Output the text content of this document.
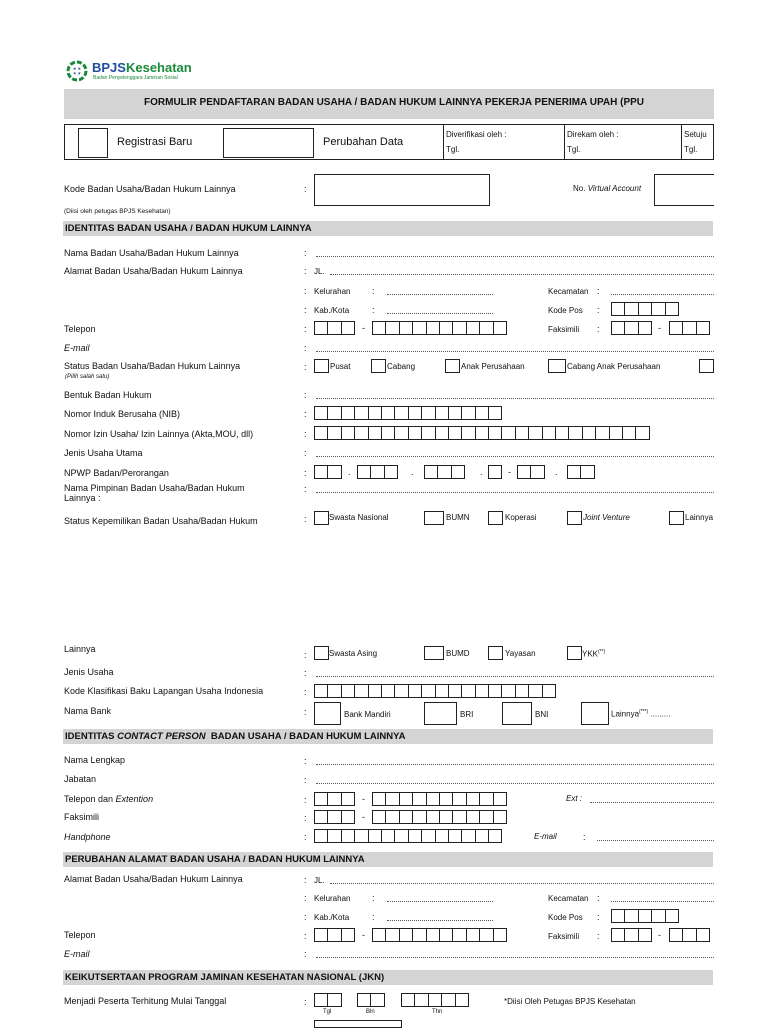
BPJSKesehatan
Badan Penyelenggara Jaminan Sosial
FORMULIR PENDAFTARAN BADAN USAHA / BADAN HUKUM LAINNYA PEKERJA PENERIMA UPAH (PPU
Registrasi Baru	Perubahan Data
Diverifikasi oleh :
Tgl.
Direkam oleh :
Tgl.
Setuju
Tgl.
Kode Badan Usaha/Badan Hukum Lainnya	:
(Diisi oleh petugas BPJS Kesehatan)
No. Virtual Account
IDENTITAS BADAN USAHA / BADAN HUKUM LAINNYA
Nama Badan Usaha/Badan Hukum Lainnya	:
Alamat Badan Usaha/Badan Hukum Lainnya	: JL.
: Kelurahan :	Kecamatan :
: Kab./Kota	:	Kode Pos :
Telepon	:	-	Faksimili :	-
E-mail	:
Status Badan Usaha/Badan Hukum Lainnya
(Pilih salah satu)
:	Pusat	Cabang	Anak Perusahaan	Cabang Anak Perusahaan
Bentuk Badan Hukum	:
Nomor Induk Berusaha (NIB)	:
Nomor Izin Usaha/ Izin Lainnya (Akta,MOU, dll)	:
Jenis Usaha Utama	:
NPWP Badan/Perorangan	:	.	.	.	-	.
Nama Pimpinan Badan Usaha/Badan Hukum
Lainnya :
:
Status Kepemilikan Badan Usaha/Badan Hukum	:	Swasta Nasional	BUMN	Koperasi	Joint Venture	Lainnya
Lainnya
:	Swasta Asing	BUMD	Yayasan	YKK(**)
Jenis Usaha	:
Kode Klasifikasi Baku Lapangan Usaha Indonesia	:
Nama Bank	:	Bank Mandiri	BRI	BNI	Lainnya(***) .........
IDENTITAS CONTACT PERSON  BADAN USAHA / BADAN HUKUM LAINNYA
Nama Lengkap	:
Jabatan	:
Telepon dan Extention	:	-	Ext :
Faksimili	:	-
Handphone	:	E-mail	:
PERUBAHAN ALAMAT BADAN USAHA / BADAN HUKUM LAINNYA
Alamat Badan Usaha/Badan Hukum Lainnya	: JL.
: Kelurahan :	Kecamatan :
: Kab./Kota	:	Kode Pos :
Telepon	:	-	Faksimili :	-
E-mail	:
KEIKUTSERTAAN PROGRAM JAMINAN KESEHATAN NASIONAL (JKN)
Menjadi Peserta Terhitung Mulai Tanggal	:
Tgl	Bln	Thn
*Diisi Oleh Petugas BPJS Kesehatan
